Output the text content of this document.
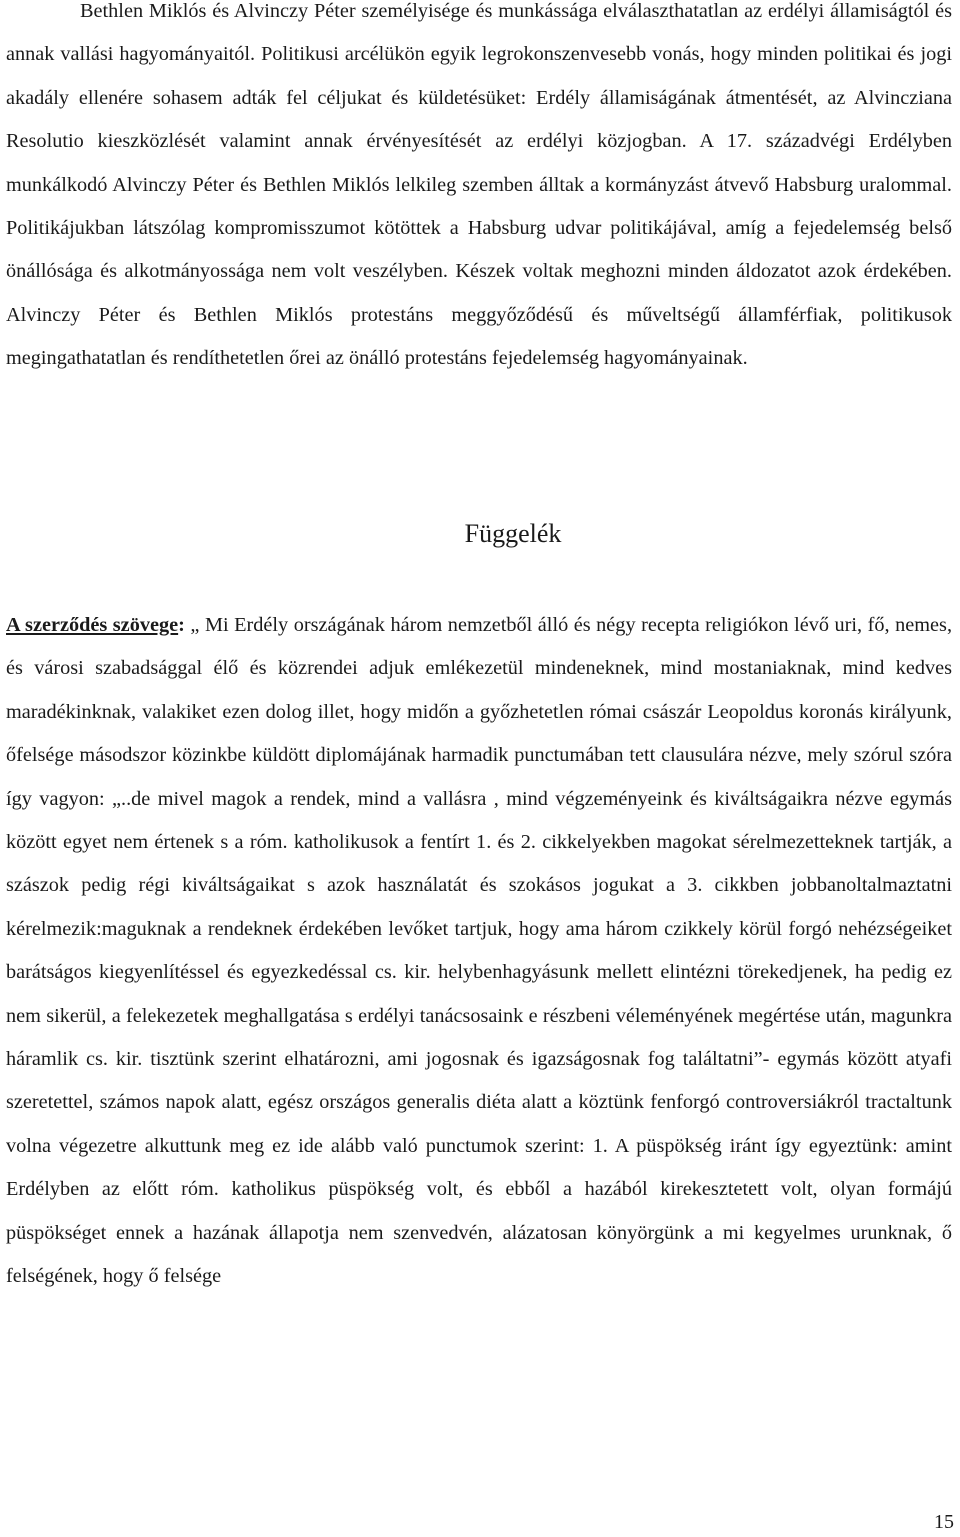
Bethlen Miklós és Alvinczy Péter személyisége és munkássága elválaszthatatlan az erdélyi államiságtól és annak vallási hagyományaitól. Politikusi arcélükön egyik legrokonszenvesebb vonás, hogy minden politikai és jogi akadály ellenére sohasem adták fel céljukat és küldetésüket: Erdély államiságának átmentését, az Alvincziana Resolutio kieszközlését valamint annak érvényesítését az erdélyi közjogban. A 17. századvégi Erdélyben munkálkodó Alvinczy Péter és Bethlen Miklós lelkileg szemben álltak a kormányzást átvevő Habsburg uralommal. Politikájukban látszólag kompromisszumot kötöttek a Habsburg udvar politikájával, amíg a fejedelemség belső önállósága és alkotmányossága nem volt veszélyben. Készek voltak meghozni minden áldozatot azok érdekében. Alvinczy Péter és Bethlen Miklós protestáns meggyőződésű és műveltségű államférfiak, politikusok megingathatatlan és rendíthetetlen őrei az önálló protestáns fejedelemség hagyományainak.

Függelék

A szerződés szövege: „ Mi Erdély országának három nemzetből álló és négy recepta religiókon lévő uri, fő, nemes, és városi szabadsággal élő és közrendei adjuk emlékezetül mindeneknek, mind mostaniaknak, mind kedves maradékinknak, valakiket ezen dolog illet, hogy midőn a győzhetetlen római császár Leopoldus koronás királyunk, őfelsége másodszor közinkbe küldött diplomájának harmadik punctumában tett clausulára nézve, mely szórul szóra így vagyon: „..de mivel magok a rendek, mind a vallásra , mind végzeményeink és kiváltságaikra nézve egymás között egyet nem értenek s a róm. katholikusok a fentírt 1. és 2. cikkelyekben magokat sérelmezetteknek tartják, a szászok pedig régi kiváltságaikat s azok használatát és szokásos jogukat a 3. cikkben jobbanoltalmaztatni kérelmezik:maguknak a rendeknek érdekében levőket tartjuk, hogy ama három czikkely körül forgó nehézségeiket barátságos kiegyenlítéssel és egyezkedéssal cs. kir. helybenhagyásunk mellett elintézni törekedjenek, ha pedig ez nem sikerül, a felekezetek meghallgatása s erdélyi tanácsosaink e részbeni véleményének megértése után, magunkra háramlik cs. kir. tisztünk szerint elhatározni, ami jogosnak és igazságosnak fog találtatni”- egymás között atyafi szeretettel, számos napok alatt, egész országos generalis diéta alatt a köztünk fenforgó controversiákról tractaltunk volna végezetre alkuttunk meg ez ide alább való punctumok szerint: 1. A püspökség iránt így egyeztünk: amint Erdélyben az előtt róm. katholikus püspökség volt, és ebből a hazából kirekesztetett volt, olyan formájú püspökséget ennek a hazának állapotja nem szenvedvén, alázatosan könyörgünk a mi kegyelmes urunknak, ő felségének, hogy ő felsége

15
